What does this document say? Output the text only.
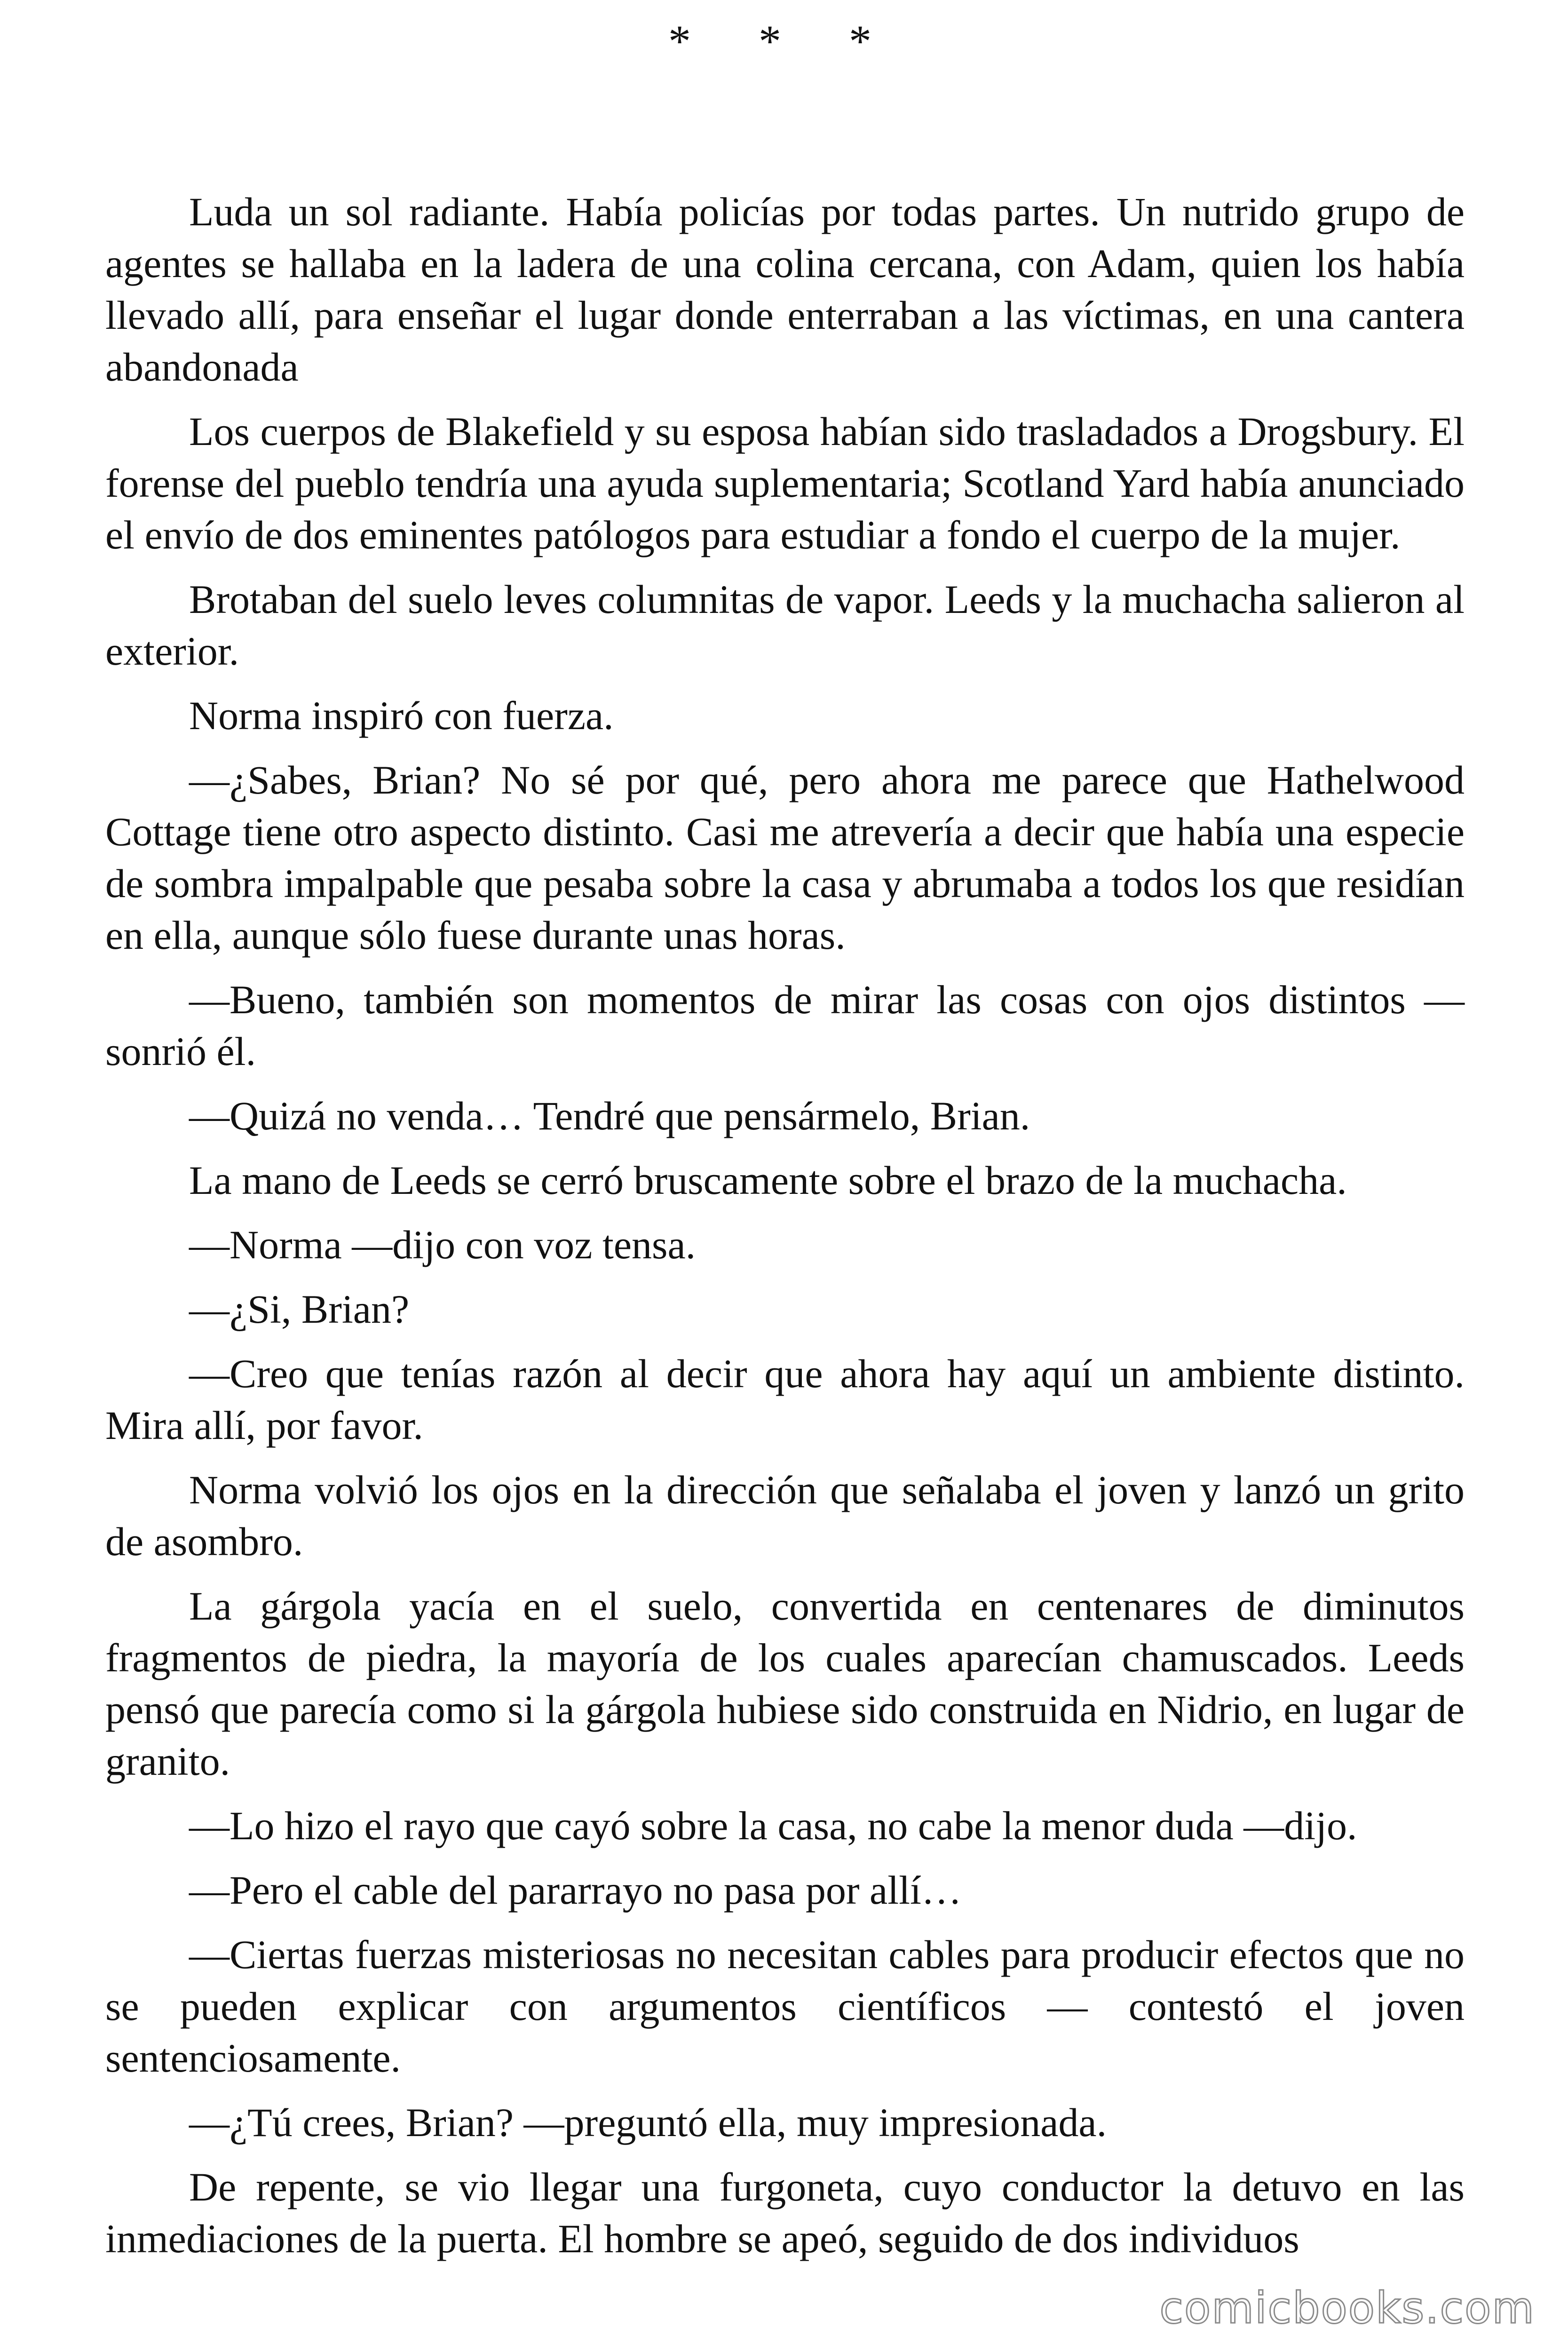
* * *

Luda un sol radiante. Había policías por todas partes. Un nutrido grupo de agentes se hallaba en la ladera de una colina cercana, con Adam, quien los había llevado allí, para enseñar el lugar donde enterraban a las víctimas, en una cantera abandonada

Los cuerpos de Blakefield y su esposa habían sido trasladados a Drogsbury. El forense del pueblo tendría una ayuda suplementaria; Scotland Yard había anunciado el envío de dos eminentes patólogos para estudiar a fondo el cuerpo de la mujer.

Brotaban del suelo leves columnitas de vapor. Leeds y la muchacha salieron al exterior.

Norma inspiró con fuerza.

—¿Sabes, Brian? No sé por qué, pero ahora me parece que Hathelwood Cottage tiene otro aspecto distinto. Casi me atrevería a decir que había una especie de sombra impalpable que pesaba sobre la casa y abrumaba a todos los que residían en ella, aunque sólo fuese durante unas horas.

—Bueno, también son momentos de mirar las cosas con ojos distintos —sonrió él.

—Quizá no venda… Tendré que pensármelo, Brian.

La mano de Leeds se cerró bruscamente sobre el brazo de la muchacha.

—Norma —dijo con voz tensa.

—¿Si, Brian?

—Creo que tenías razón al decir que ahora hay aquí un ambiente distinto. Mira allí, por favor.

Norma volvió los ojos en la dirección que señalaba el joven y lanzó un grito de asombro.

La gárgola yacía en el suelo, convertida en centenares de diminutos fragmentos de piedra, la mayoría de los cuales aparecían chamuscados. Leeds pensó que parecía como si la gárgola hubiese sido construida en Nidrio, en lugar de granito.

—Lo hizo el rayo que cayó sobre la casa, no cabe la menor duda —dijo.

—Pero el cable del pararrayo no pasa por allí…

—Ciertas fuerzas misteriosas no necesitan cables para producir efectos que no se pueden explicar con argumentos científicos — contestó el joven sentenciosamente.

—¿Tú crees, Brian? —preguntó ella, muy impresionada.

De repente, se vio llegar una furgoneta, cuyo conductor la detuvo en las inmediaciones de la puerta. El hombre se apeó, seguido de dos individuos

comicbooks.com
